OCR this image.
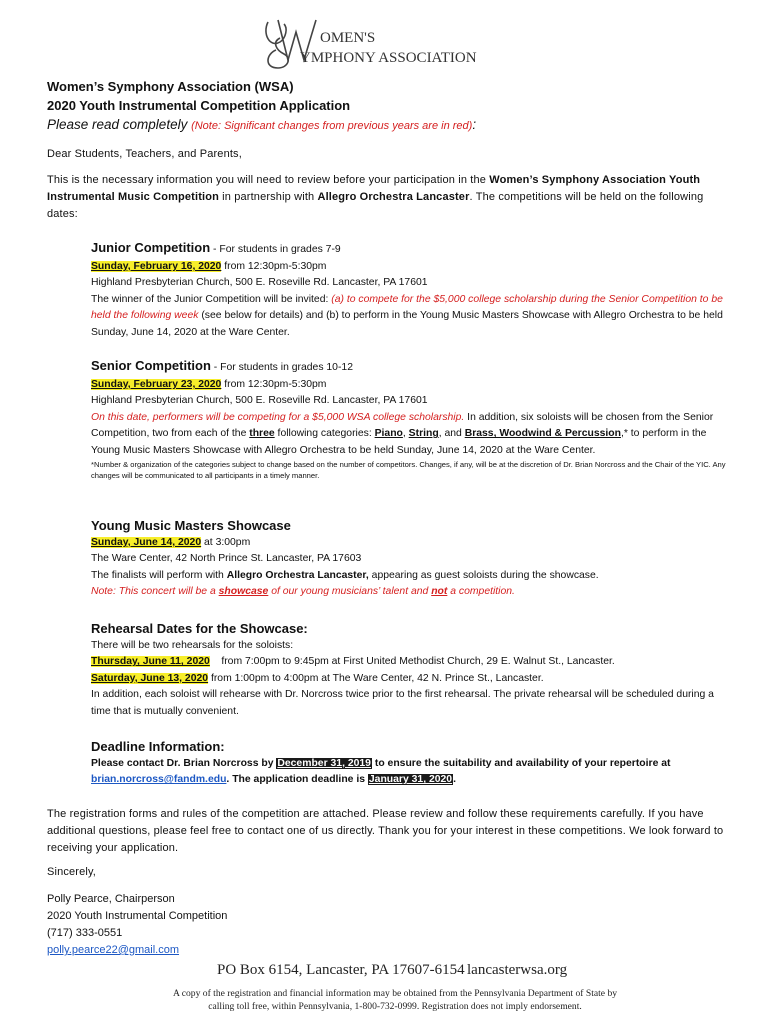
OMEN'S
YMPHONY ASSOCIATION
Women’s Symphony Association (WSA)
2020 Youth Instrumental Competition Application
Please read completely (Note: Significant changes from previous years are in red):
Dear Students, Teachers, and Parents,
This is the necessary information you will need to review before your participation in the Women’s Symphony Association Youth Instrumental Music Competition in partnership with Allegro Orchestra Lancaster. The competitions will be held on the following dates:
Junior Competition - For students in grades 7-9
Sunday, February 16, 2020 from 12:30pm-5:30pm
Highland Presbyterian Church, 500 E. Roseville Rd. Lancaster, PA 17601
The winner of the Junior Competition will be invited: (a) to compete for the $5,000 college scholarship during the Senior Competition to be held the following week (see below for details) and (b) to perform in the Young Music Masters Showcase with Allegro Orchestra to be held Sunday, June 14, 2020 at the Ware Center.
Senior Competition - For students in grades 10-12
Sunday, February 23, 2020 from 12:30pm-5:30pm
Highland Presbyterian Church, 500 E. Roseville Rd. Lancaster, PA 17601
On this date, performers will be competing for a $5,000 WSA college scholarship. In addition, six soloists will be chosen from the Senior Competition, two from each of the three following categories: Piano, String, and Brass, Woodwind & Percussion,* to perform in the Young Music Masters Showcase with Allegro Orchestra to be held Sunday, June 14, 2020 at the Ware Center.
*Number & organization of the categories subject to change based on the number of competitors. Changes, if any, will be at the discretion of Dr. Brian Norcross and the Chair of the YIC. Any changes will be communicated to all participants in a timely manner.
Young Music Masters Showcase
Sunday, June 14, 2020 at 3:00pm
The Ware Center, 42 North Prince St. Lancaster, PA 17603
The finalists will perform with Allegro Orchestra Lancaster, appearing as guest soloists during the showcase.
Note: This concert will be a showcase of our young musicians’ talent and not a competition.
Rehearsal Dates for the Showcase:
There will be two rehearsals for the soloists:
Thursday, June 11, 2020    from 7:00pm to 9:45pm at First United Methodist Church, 29 E. Walnut St., Lancaster.
Saturday, June 13, 2020 from 1:00pm to 4:00pm at The Ware Center, 42 N. Prince St., Lancaster.
In addition, each soloist will rehearse with Dr. Norcross twice prior to the first rehearsal. The private rehearsal will be scheduled during a time that is mutually convenient.
Deadline Information:
Please contact Dr. Brian Norcross by December 31, 2019 to ensure the suitability and availability of your repertoire at brian.norcross@fandm.edu. The application deadline is January 31, 2020.
The registration forms and rules of the competition are attached. Please review and follow these requirements carefully. If you have additional questions, please feel free to contact one of us directly. Thank you for your interest in these competitions. We look forward to receiving your application.
Sincerely,
Polly Pearce, Chairperson
2020 Youth Instrumental Competition
(717) 333-0551
polly.pearce22@gmail.com
PO Box 6154, Lancaster, PA 17607-6154 lancasterwsa.org
A copy of the registration and financial information may be obtained from the Pennsylvania Department of State by calling toll free, within Pennsylvania, 1-800-732-0999. Registration does not imply endorsement.
